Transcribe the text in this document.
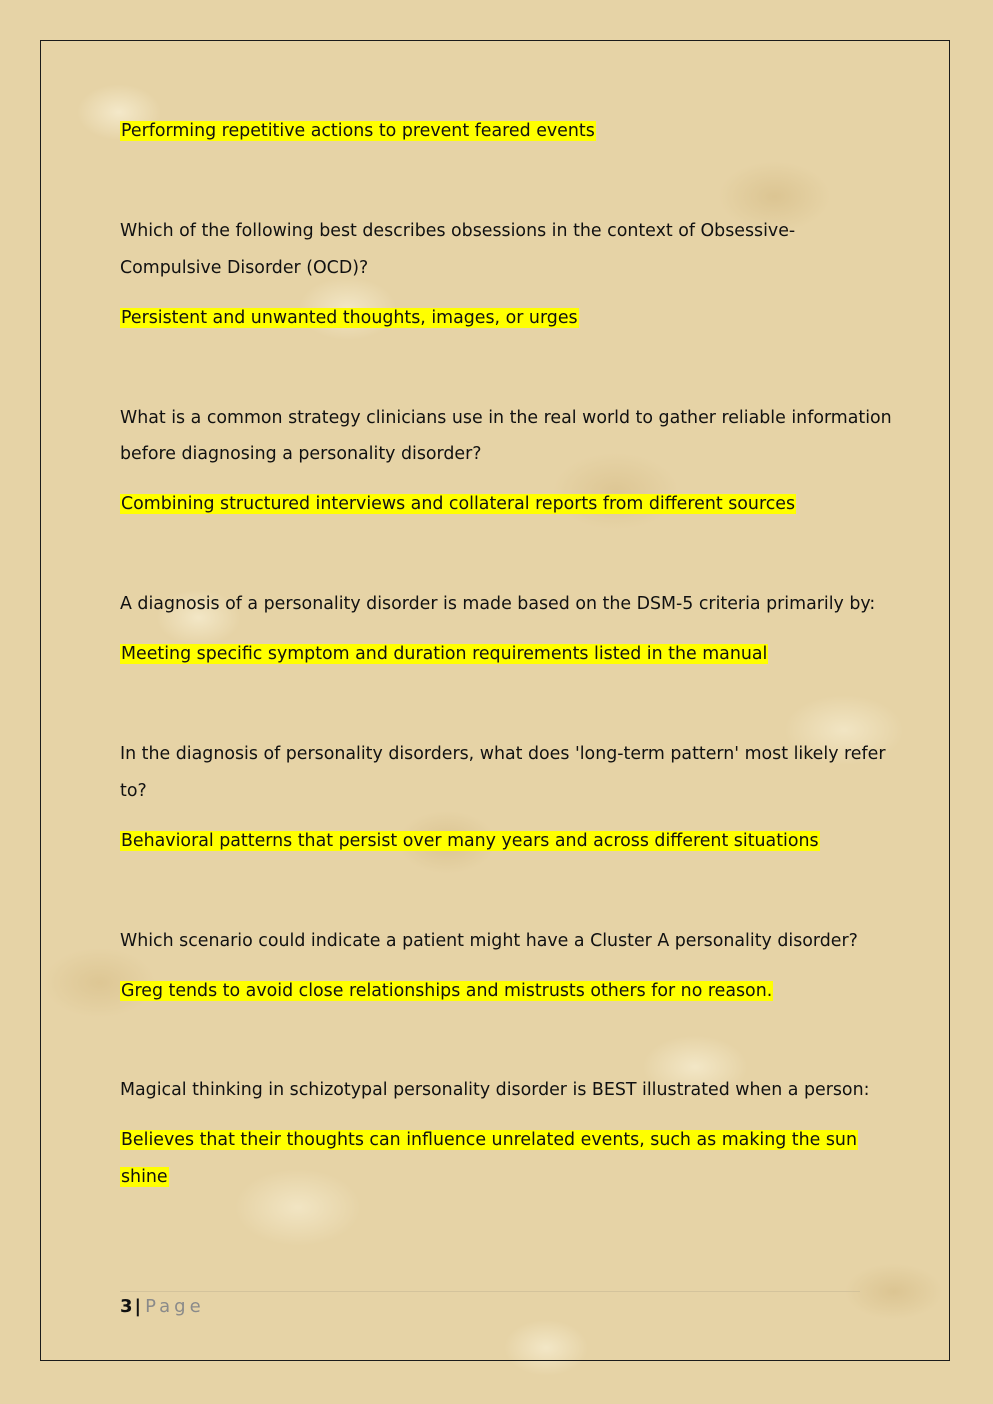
Performing repetitive actions to prevent feared events
Which of the following best describes obsessions in the context of Obsessive-
Compulsive Disorder (OCD)?
Persistent and unwanted thoughts, images, or urges
What is a common strategy clinicians use in the real world to gather reliable information
before diagnosing a personality disorder?
Combining structured interviews and collateral reports from different sources
A diagnosis of a personality disorder is made based on the DSM-5 criteria primarily by:
Meeting specific symptom and duration requirements listed in the manual
In the diagnosis of personality disorders, what does 'long-term pattern' most likely refer
to?
Behavioral patterns that persist over many years and across different situations
Which scenario could indicate a patient might have a Cluster A personality disorder?
Greg tends to avoid close relationships and mistrusts others for no reason.
Magical thinking in schizotypal personality disorder is BEST illustrated when a person:
Believes that their thoughts can influence unrelated events, such as making the sun
shine
3 | Page
